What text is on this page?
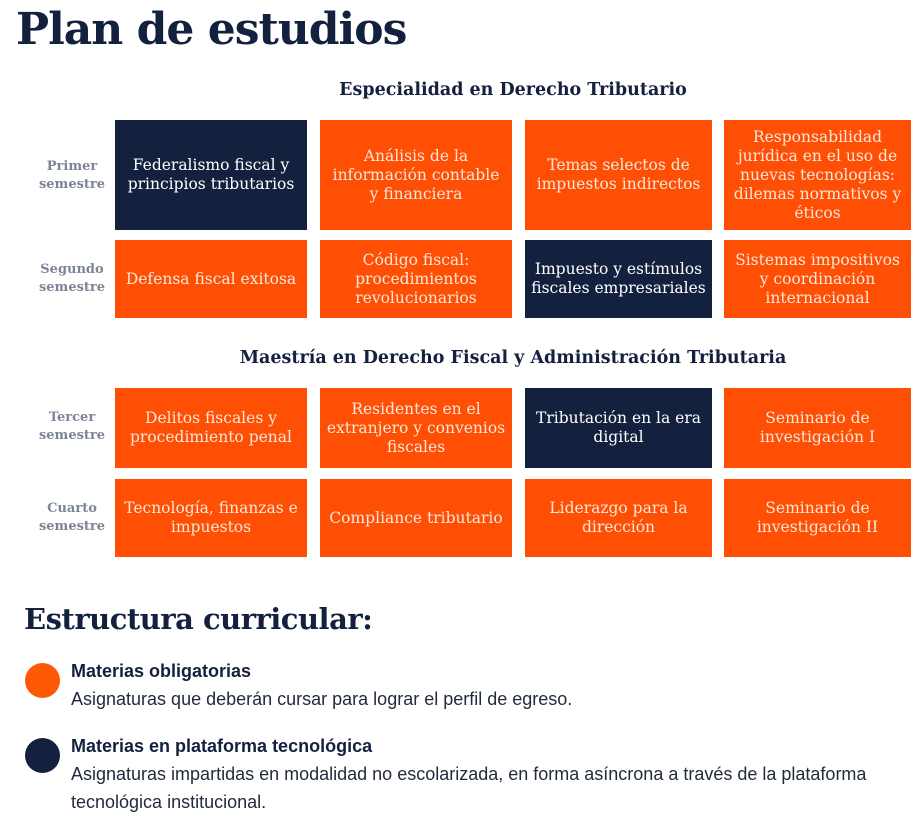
Plan de estudios
Especialidad en Derecho Tributario
Primer
semestre
Federalismo fiscal y principios tributarios
Análisis de la información contable y financiera
Temas selectos de impuestos indirectos
Responsabilidad jurídica en el uso de nuevas tecnologías: dilemas normativos y éticos
Segundo
semestre	Defensa fiscal exitosa
Código fiscal: procedimientos revolucionarios
Impuesto y estímulos fiscales empresariales
Sistemas impositivos y coordinación internacional
Maestría en Derecho Fiscal y Administración Tributaria
Tercer
semestre
Delitos fiscales y procedimiento penal
Residentes en el extranjero y convenios fiscales
Tributación en la era digital
Seminario de investigación I
Cuarto
semestre
Tecnología, finanzas e impuestos
Compliance tributario
Liderazgo para la dirección
Seminario de investigación II
Estructura curricular:
Materias obligatorias
Asignaturas que deberán cursar para lograr el perfil de egreso.
Materias en plataforma tecnológica
Asignaturas impartidas en modalidad no escolarizada, en forma asíncrona a través de la plataforma tecnológica institucional.
